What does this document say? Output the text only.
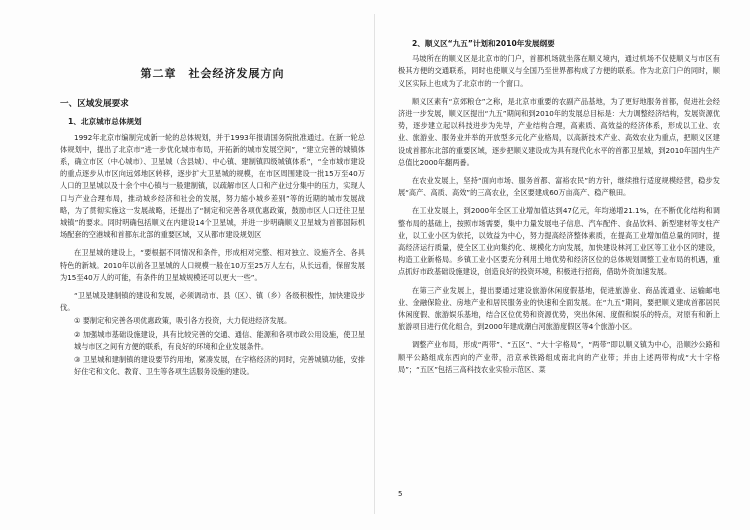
第二章　社会经济发展方向
一、区域发展要求
1、北京城市总体规划

1992年北京市编制完成新一轮的总体规划，并于1993年报请国务院批准通过。在新一轮总体规划中，提出了北京市“进一步优化城市布局，开拓新的城市发展空间”，“建立完善的城镇体系，确立市区（中心城市）、卫星城（含县城）、中心镇、建制镇四级城镇体系”，“全市城市建设的重点逐步从市区向远郊地区转移，逐步扩大卫星城的规模，在市区周围建设一批15万至40万人口的卫星城以及十余个中心镇与一般建制镇，以疏解市区人口和产业过分集中的压力，实现人口与产业合理布局，推动城乡经济和社会的发展，努力缩小城乡差别”等的近期的城市发展战略，为了贯彻实施这一发展战略，还提出了“制定和完善各项优惠政策，鼓励市区人口迁往卫星城镇”的要求。同时明确包括顺义在内建设14个卫星城，并进一步明确顺义卫星城为首都国际机场配套的空港城和首都东北部的重要区域，又从都市建设规划区

在卫星城的建设上，“要根据不同情况和条件，形成相对完整、相对独立、设施齐全、各具特色的新城。2010年以前各卫星城的人口规模一般在10万至25万人左右，从长远看，保留发展为15至40万人的可能，有条件的卫星城规模还可以更大一些”。

“卫星城及建制镇的建设和发展，必须调动市、县（区）、镇（乡）各级积极性，加快建设步伐。

① 要制定和完善各项优惠政策，吸引各方投资，大力促进经济发展。

② 加强城市基础设施建设，具有比较完善的交通、通信、能源和各项市政公用设施，使卫星城与市区之间有方便的联系，有良好的环境和企业发展条件。

③ 卫星城和建制镇的建设要节约用地，紧凑发展，在字格经济的同时，完善城镇功能，安排好住宅和文化、教育、卫生等各项生活服务设施的建设。

2、顺义区“九五”计划和2010年发展纲要

马坡所在的顺义区是北京市的门户，首都机场就坐落在顺义境内，通过机场不仅使顺义与市区有极其方便的交通联系，同时也使顺义与全国乃至世界都构成了方便的联系。作为北京门户的同时，顺义区实际上也成为了北京市的一个窗口。

顺义区素有“京郊粮仓”之称，是北京市重要的农副产品基地，为了更好地服务首都，促进社会经济进一步发展，顺义区提出“九五”期间和到2010年的发展总目标是：大力调整经济结构，发展资源优势，逐步建立起以科技进步为先导，产业结构合理，高素质、高效益的经济体系，形成以工业、农业、旅游业、服务业并举的开放型多元化产业格局，以高新技术产业、高效农业为重点，把顺义区建设成首都东北部的重要区域，逐步把顺义建设成为具有现代化水平的首都卫星城，到2010年国内生产总值比2000年翻两番。

在农业发展上，坚持“面向市场、服务首都、富裕农民”的方针，继续推行适度规模经营，稳步发展“高产、高质、高效”的三高农业，全区要建成60万亩高产、稳产粮田。

在工业发展上，到2000年全区工业增加值达到47亿元，年均递增21.1%，在不断优化结构和调整布局的基础上，按照市场需要，集中力量发展电子信息、汽车配件、食品饮料、新型建材等支柱产业，以工业小区为依托，以效益为中心，努力提高经济整体素质，在提高工业增加值总量的同时，提高经济运行质量，使全区工业向集约化、规模化方向发展，加快建设林河工业区等工业小区的建设，构造工业新格局。乡镇工业小区要充分利用土地优势和经济区位的总体规划调整工业布局的机遇，重点抓好市政基础设施建设，创造良好的投资环境，积极进行招商，借助外资加速发展。

在第三产业发展上，提出要通过建设旅游休闲度假基地，促进旅游业、商品流通业、运输邮电业、金融保险业、房地产业和居民服务业的快速和全面发展。在“九五”期间，要把顺义建成首都居民休闲度假、旅游娱乐基地，结合区位优势和资源优势，突出休闲、度假和娱乐的特点，对原有和新上旅游项目进行优化组合，到2000年建成潮白河旅游度假区等4个旅游小区。

调整产业布局，形成“两带”、“五区”、“大十字格局”，“两带”即以顺义镇为中心，沿顺沙公路和顺平公路组成东西向的产业带，沿京承铁路组成南北向的产业带；并由上述两带构成“大十字格局”；“五区”包括三高科技农业实验示范区、菜

5
